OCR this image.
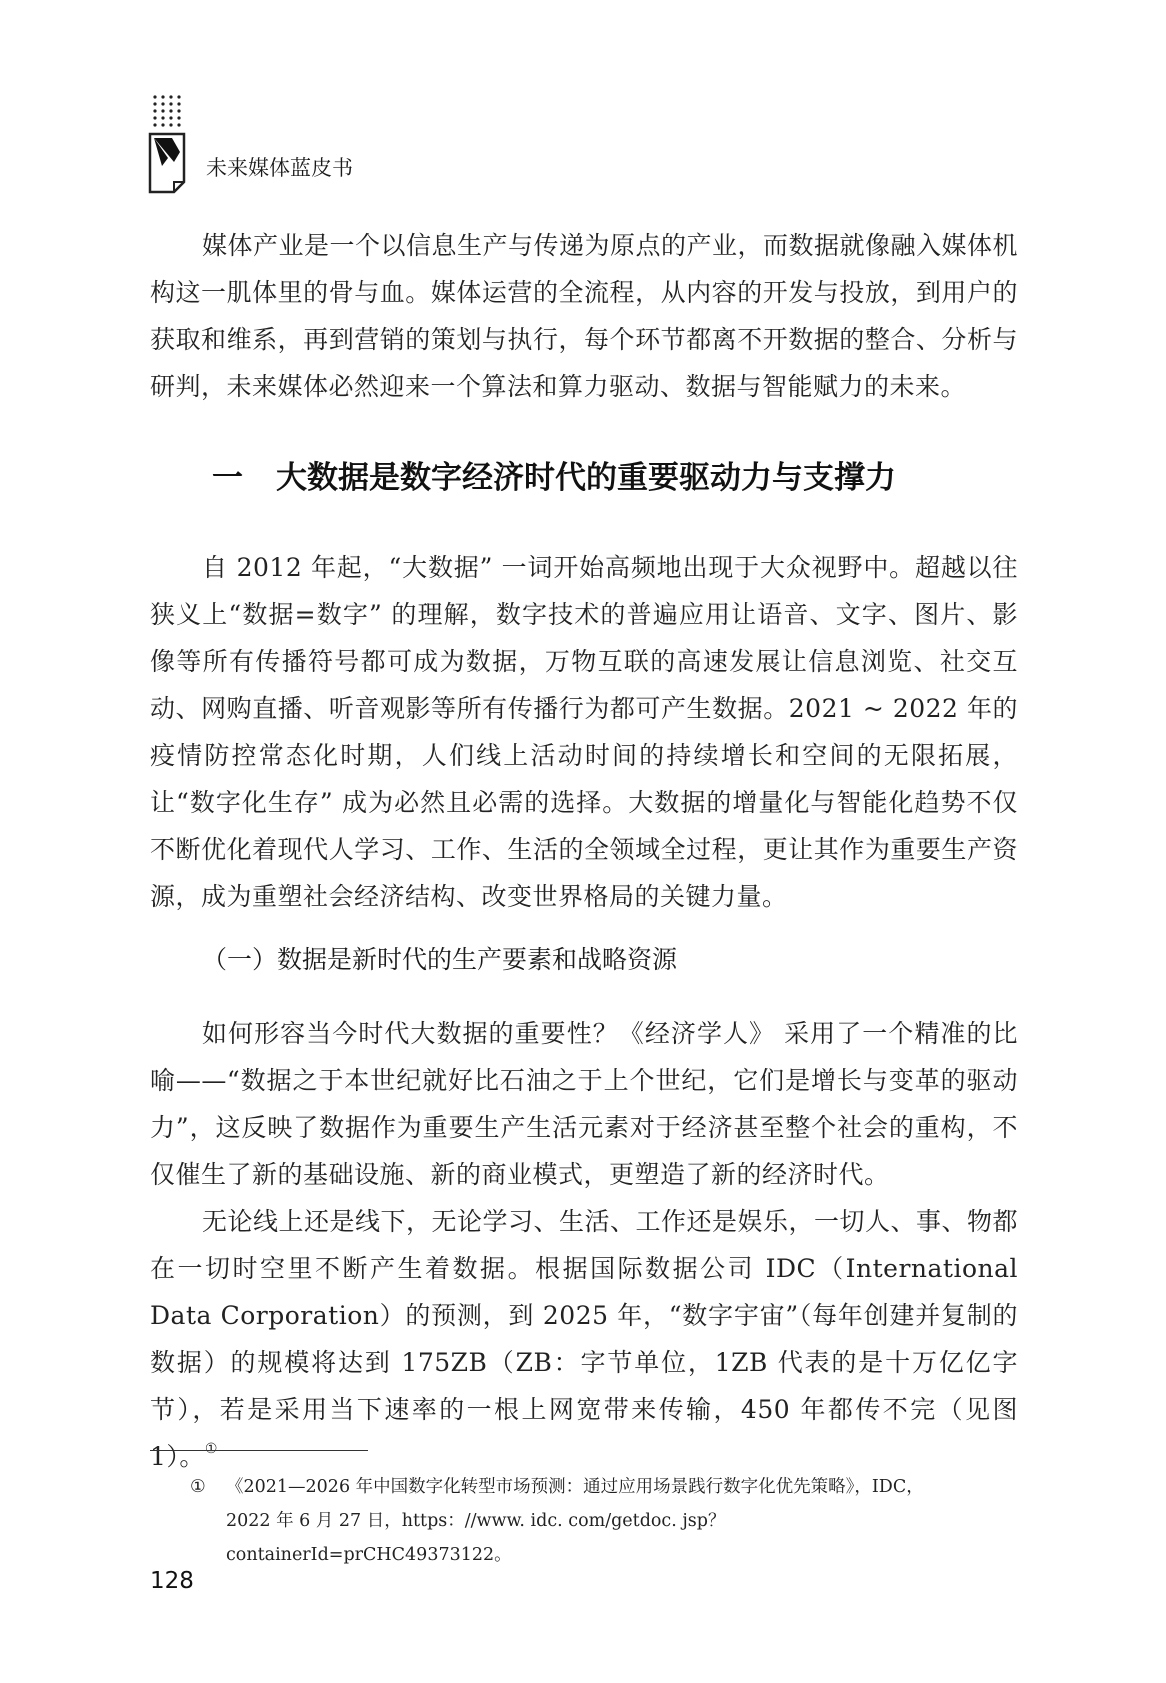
未来媒体蓝皮书

媒体产业是一个以信息生产与传递为原点的产业，而数据就像融入媒体机构这一肌体里的骨与血。媒体运营的全流程，从内容的开发与投放，到用户的获取和维系，再到营销的策划与执行，每个环节都离不开数据的整合、分析与研判，未来媒体必然迎来一个算法和算力驱动、数据与智能赋力的未来。

一 大数据是数字经济时代的重要驱动力与支撑力

自 2012 年起，“大数据” 一词开始高频地出现于大众视野中。超越以往狭义上“数据=数字” 的理解，数字技术的普遍应用让语音、文字、图片、影像等所有传播符号都可成为数据，万物互联的高速发展让信息浏览、社交互动、网购直播、听音观影等所有传播行为都可产生数据。2021 ~ 2022 年的疫情防控常态化时期，人们线上活动时间的持续增长和空间的无限拓展，让“数字化生存” 成为必然且必需的选择。大数据的增量化与智能化趋势不仅不断优化着现代人学习、工作、生活的全领域全过程，更让其作为重要生产资源，成为重塑社会经济结构、改变世界格局的关键力量。

（一）数据是新时代的生产要素和战略资源

如何形容当今时代大数据的重要性？《经济学人》 采用了一个精准的比喻——“数据之于本世纪就好比石油之于上个世纪，它们是增长与变革的驱动力”，这反映了数据作为重要生产生活元素对于经济甚至整个社会的重构，不仅催生了新的基础设施、新的商业模式，更塑造了新的经济时代。

无论线上还是线下，无论学习、生活、工作还是娱乐，一切人、事、物都在一切时空里不断产生着数据。根据国际数据公司 IDC（International Data Corporation）的预测，到 2025 年，“数字宇宙”（每年创建并复制的数据）的规模将达到 175ZB（ZB：字节单位，1ZB 代表的是十万亿亿字节），若是采用当下速率的一根上网宽带来传输，450 年都传不完（见图 1）。①

① 《2021—2026 年中国数字化转型市场预测：通过应用场景践行数字化优先策略》，IDC，
2022 年 6 月 27 日，https：//www. idc. com/getdoc. jsp？ containerId=prCHC49373122。
128
